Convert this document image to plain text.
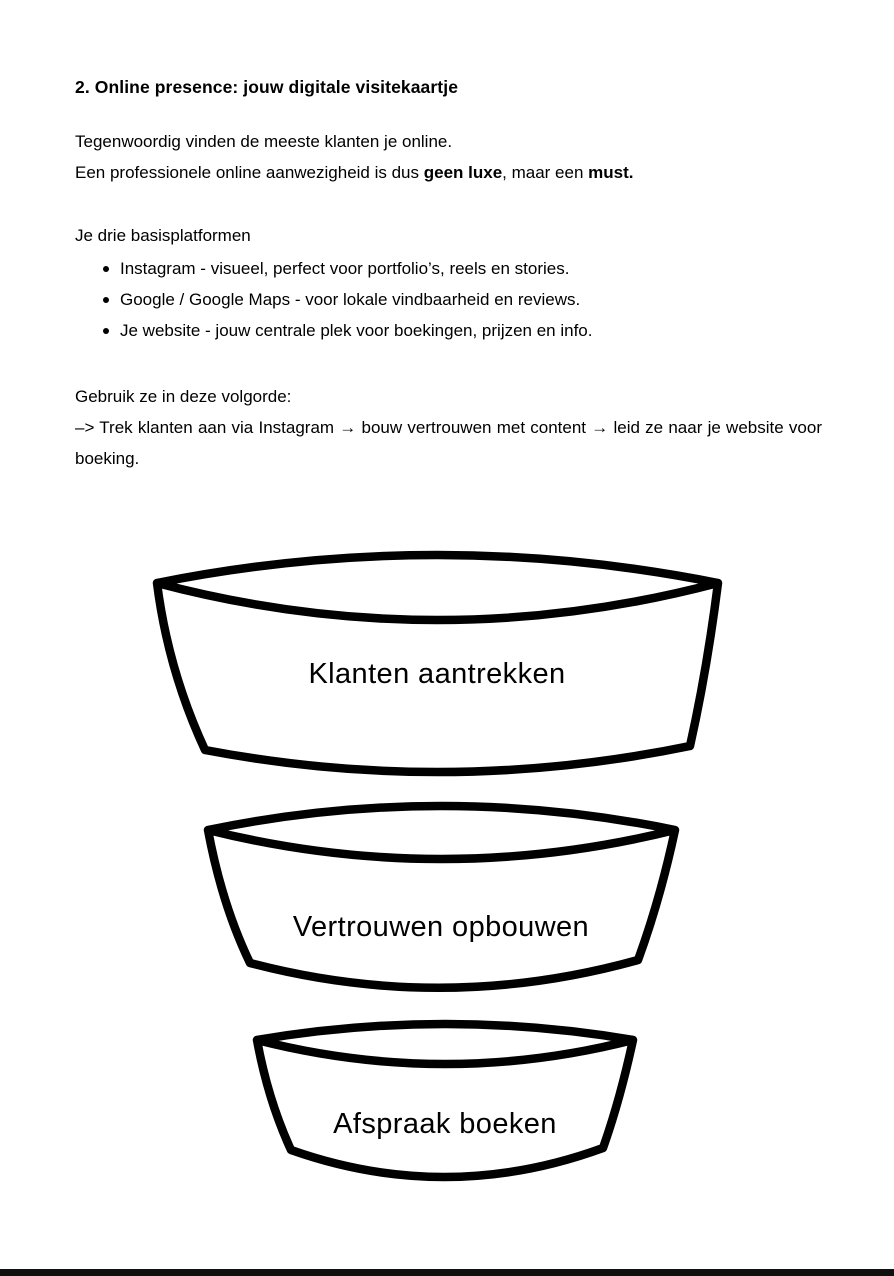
2. Online presence: jouw digitale visitekaartje

Tegenwoordig vinden de meeste klanten je online.

Een professionele online aanwezigheid is dus geen luxe, maar een must.

Je drie basisplatformen

Instagram - visueel, perfect voor portfolio’s, reels en stories.
Google / Google Maps - voor lokale vindbaarheid en reviews.
Je website - jouw centrale plek voor boekingen, prijzen en info.

Gebruik ze in deze volgorde:

–> Trek klanten aan via Instagram → bouw vertrouwen met content → leid ze naar je website voor boeking.

Klanten aantrekken
Vertrouwen opbouwen
Afspraak boeken
